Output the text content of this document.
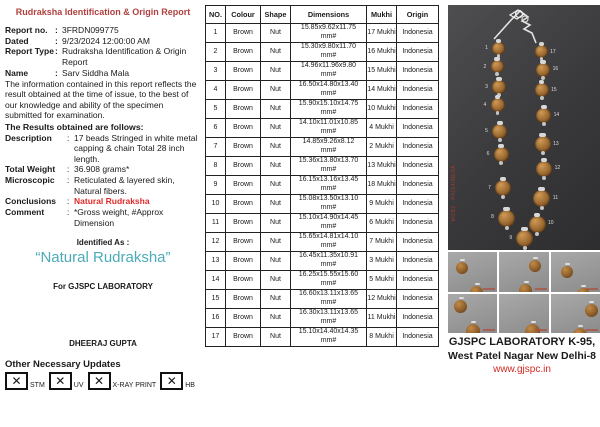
Rudraksha Identification & Origin Report
Report no. : 3FRDN099775
Dated	: 9/23/2024 12:00:00 AM
Report Type : Rudraksha Identification & Origin Report
Name	: Sarv Siddha Mala
The information contained in this report reflects the result obtained at the time of issue, to the best of our knowledge and ability of the specimen submitted for examination.
The Results obtained are follows:
Description	: 17 beads Stringed in white metal capping & chain Total 28 inch length.
Total Weight	: 36.908 grams*
Microscopic	: Reticulated & layered skin, Natural fibers.
Conclusions	: Natural Rudraksha
Comment	: *Gross weight, #Approx Dimension
Identified As :
“Natural Rudraksha”
For GJSPC LABORATORY
DHEERAJ GUPTA
Other Necessary Updates
✕	STM ✕	UV ✕	X-RAY PRINT ✕	HB
NO.	Colour	Shape	Dimensions	Mukhi	Origin
1	Brown	Nut	15.85x9.62x11.75
mm#	17 Mukhi	Indonesia
2	Brown	Nut	15.30x9.80x11.70
mm#	16 Mukhi	Indonesia
3	Brown	Nut	14.96x11.96x9.80
mm#	15 Mukhi	Indonesia
4	Brown	Nut	16.50x14.80x13.40
mm#	14 Mukhi	Indonesia
5	Brown	Nut	15.90x15.10x14.75
mm#	10 Mukhi	Indonesia
6	Brown	Nut	14.10x11.01x10.85
mm#	4 Mukhi	Indonesia
7	Brown	Nut	14.85x9.26x8.12
mm#	2 Mukhi	Indonesia
8	Brown	Nut	15.36x13.80x13.70
mm#	13 Mukhi	Indonesia
9	Brown	Nut	16.15x13.16x13.45
mm#	18 Mukhi	Indonesia
10	Brown	Nut	15.08x13.50x13.10
mm#	9 Mukhi	Indonesia
11	Brown	Nut	15.10x14.90x14.45
mm#	6 Mukhi	Indonesia
12	Brown	Nut	15.65x14.81x14.10
mm#	7 Mukhi	Indonesia
13	Brown	Nut	16.45x11.35x10.91
mm#	3 Mukhi	Indonesia
14	Brown	Nut	16.25x15.55x15.60
mm#	5 Mukhi	Indonesia
15	Brown	Nut	16.60x13.11x13.65
mm#	12 Mukhi	Indonesia
16	Brown	Nut	16.30x13.11x13.65
mm#	11 Mukhi	Indonesia
17	Brown	Nut	15.10x14.40x14.35
mm#	8 Mukhi	Indonesia
MGB1 : P4114/9B/9A
1
2
3
4
5
6
7
8
9
17
16
15
14
13
12
11
10
GJSPC LABORATORY K-95,
West Patel Nagar New Delhi-8
www.gjspc.in
